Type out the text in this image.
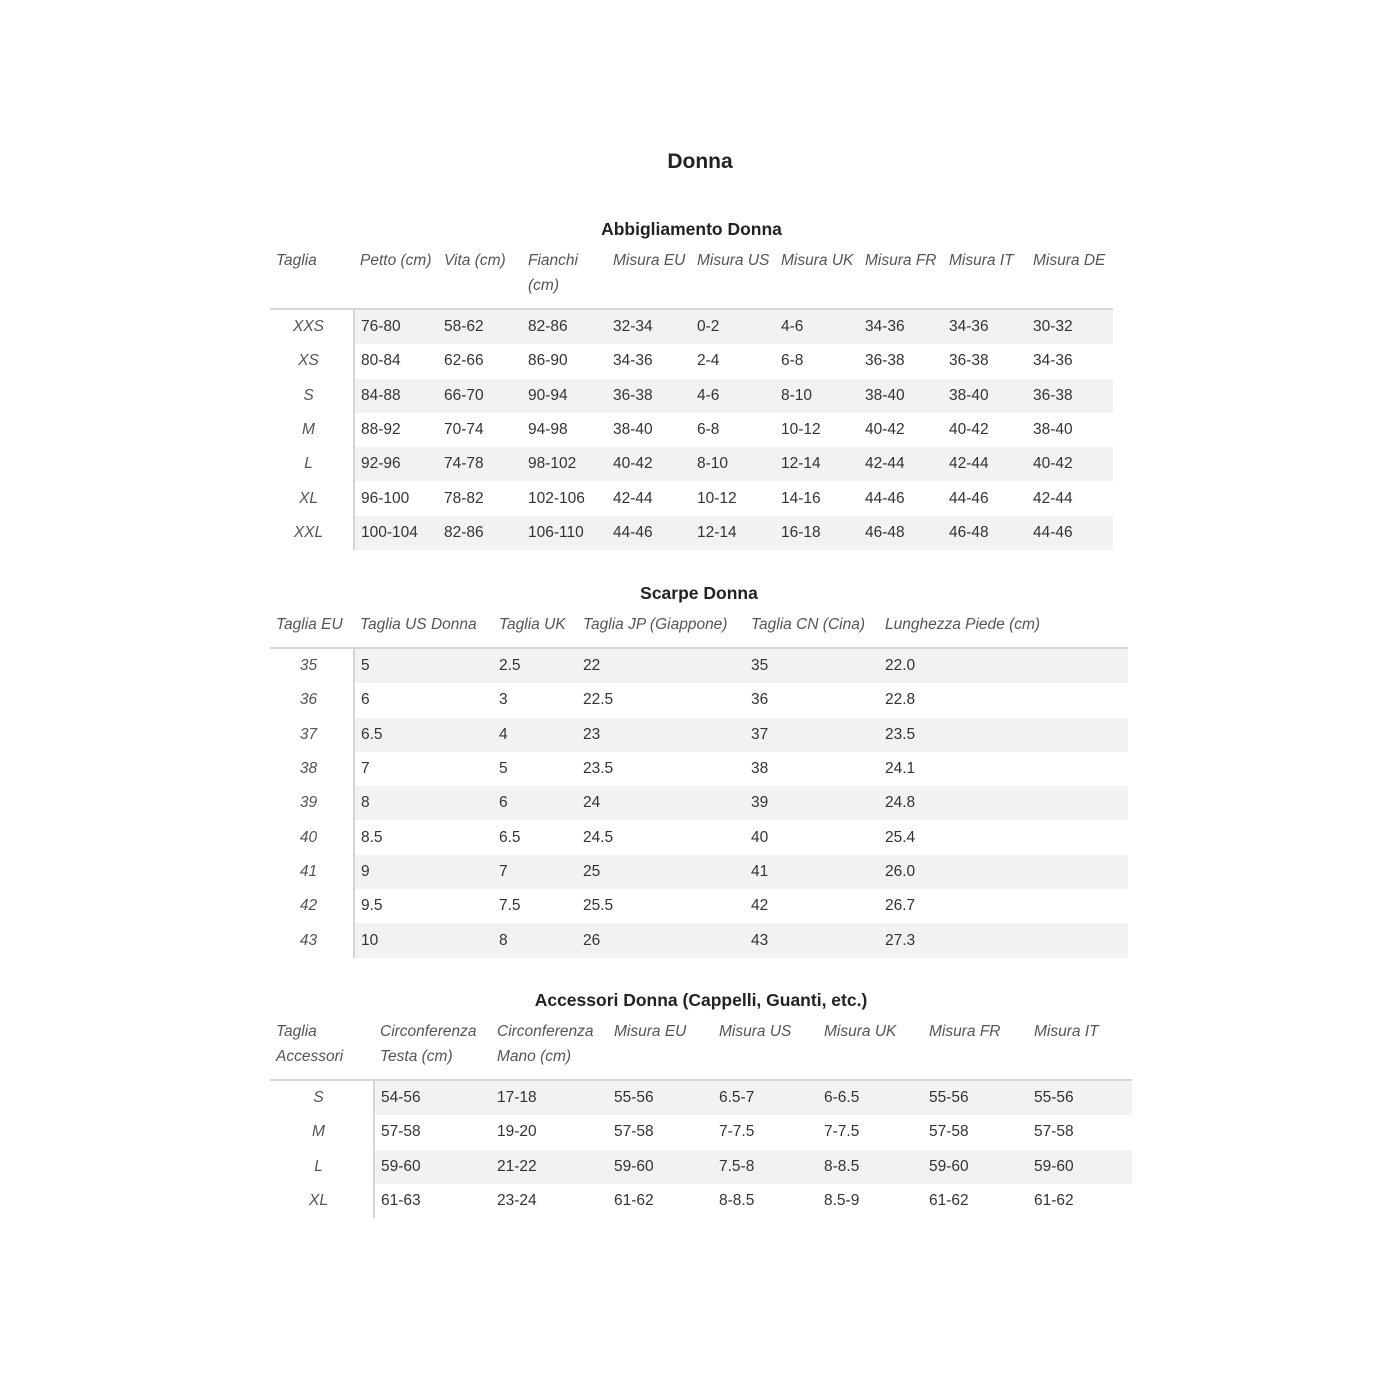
Donna
Abbigliamento Donna
Taglia	Petto (cm)	Vita (cm)	Fianchi (cm)	Misura EU	Misura US	Misura UK	Misura FR	Misura IT	Misura DE
XXS	76-80	58-62	82-86	32-34	0-2	4-6	34-36	34-36	30-32
XS	80-84	62-66	86-90	34-36	2-4	6-8	36-38	36-38	34-36
S	84-88	66-70	90-94	36-38	4-6	8-10	38-40	38-40	36-38
M	88-92	70-74	94-98	38-40	6-8	10-12	40-42	40-42	38-40
L	92-96	74-78	98-102	40-42	8-10	12-14	42-44	42-44	40-42
XL	96-100	78-82	102-106	42-44	10-12	14-16	44-46	44-46	42-44
XXL	100-104	82-86	106-110	44-46	12-14	16-18	46-48	46-48	44-46
Scarpe Donna
Taglia EU	Taglia US Donna	Taglia UK	Taglia JP (Giappone)	Taglia CN (Cina)	Lunghezza Piede (cm)
35	5	2.5	22	35	22.0
36	6	3	22.5	36	22.8
37	6.5	4	23	37	23.5
38	7	5	23.5	38	24.1
39	8	6	24	39	24.8
40	8.5	6.5	24.5	40	25.4
41	9	7	25	41	26.0
42	9.5	7.5	25.5	42	26.7
43	10	8	26	43	27.3
Accessori Donna (Cappelli, Guanti, etc.)
Taglia Accessori	Circonferenza Testa (cm)	Circonferenza Mano (cm)	Misura EU	Misura US	Misura UK	Misura FR	Misura IT
S	54-56	17-18	55-56	6.5-7	6-6.5	55-56	55-56
M	57-58	19-20	57-58	7-7.5	7-7.5	57-58	57-58
L	59-60	21-22	59-60	7.5-8	8-8.5	59-60	59-60
XL	61-63	23-24	61-62	8-8.5	8.5-9	61-62	61-62
